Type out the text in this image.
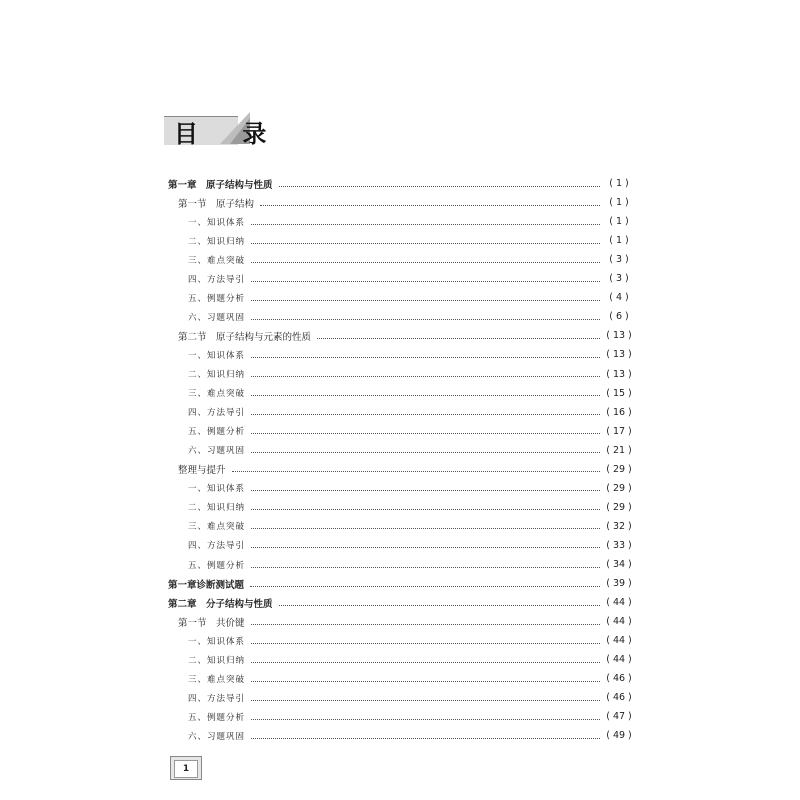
目 录
第一章　原子结构与性质	( 1 )
第一节　原子结构	( 1 )
一、知识体系	( 1 )
二、知识归纳	( 1 )
三、难点突破	( 3 )
四、方法导引	( 3 )
五、例题分析	( 4 )
六、习题巩固	( 6 )
第二节　原子结构与元素的性质	( 13 )
一、知识体系	( 13 )
二、知识归纳	( 13 )
三、难点突破	( 15 )
四、方法导引	( 16 )
五、例题分析	( 17 )
六、习题巩固	( 21 )
整理与提升	( 29 )
一、知识体系	( 29 )
二、知识归纳	( 29 )
三、难点突破	( 32 )
四、方法导引	( 33 )
五、例题分析	( 34 )
第一章诊断测试题	( 39 )
第二章　分子结构与性质	( 44 )
第一节　共价键	( 44 )
一、知识体系	( 44 )
二、知识归纳	( 44 )
三、难点突破	( 46 )
四、方法导引	( 46 )
五、例题分析	( 47 )
六、习题巩固	( 49 )
1
